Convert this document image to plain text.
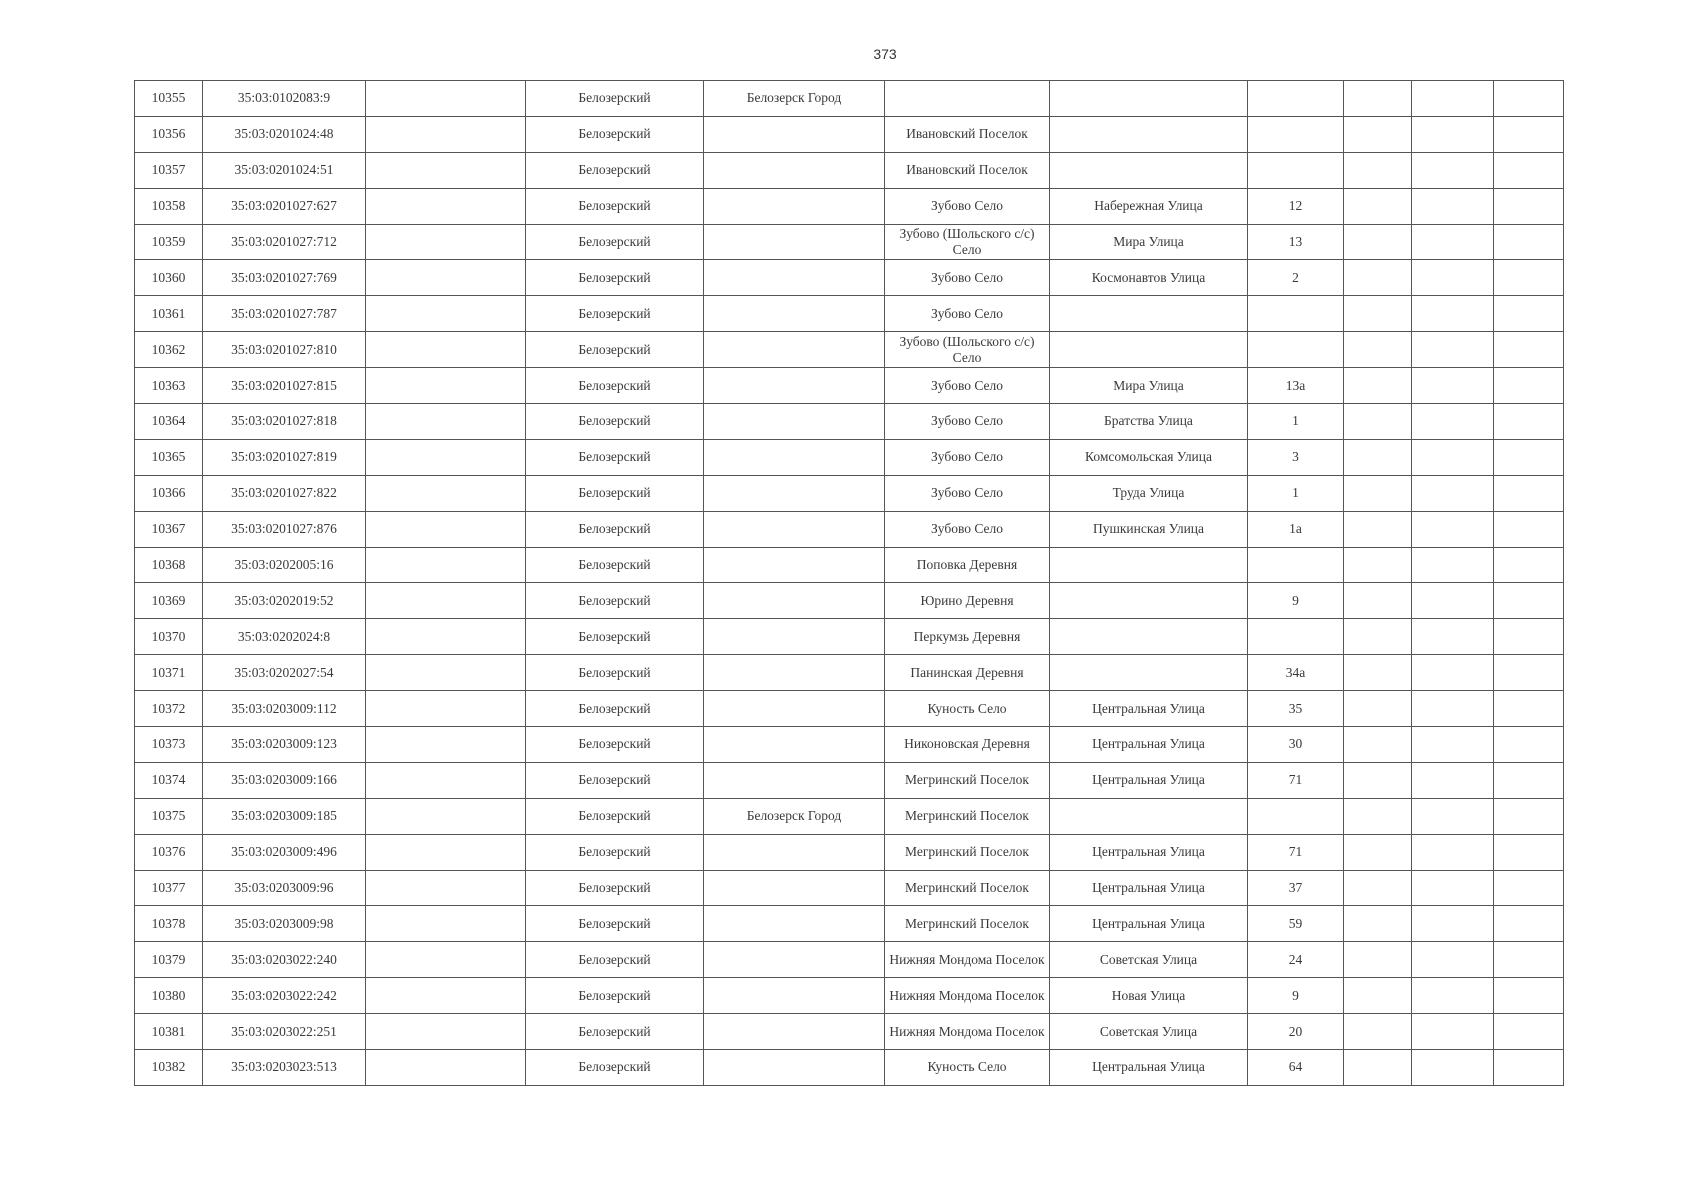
373
10355	35:03:0102083:9		Белозерский	Белозерск Город						
10356	35:03:0201024:48		Белозерский		Ивановский Поселок					
10357	35:03:0201024:51		Белозерский		Ивановский Поселок					
10358	35:03:0201027:627		Белозерский		Зубово Село	Набережная Улица	12			
10359	35:03:0201027:712		Белозерский		Зубово (Шольского с/с) Село	Мира Улица	13			
10360	35:03:0201027:769		Белозерский		Зубово Село	Космонавтов Улица	2			
10361	35:03:0201027:787		Белозерский		Зубово Село					
10362	35:03:0201027:810		Белозерский		Зубово (Шольского с/с) Село					
10363	35:03:0201027:815		Белозерский		Зубово Село	Мира Улица	13а			
10364	35:03:0201027:818		Белозерский		Зубово Село	Братства Улица	1			
10365	35:03:0201027:819		Белозерский		Зубово Село	Комсомольская Улица	3			
10366	35:03:0201027:822		Белозерский		Зубово Село	Труда Улица	1			
10367	35:03:0201027:876		Белозерский		Зубово Село	Пушкинская Улица	1а			
10368	35:03:0202005:16		Белозерский		Поповка Деревня					
10369	35:03:0202019:52		Белозерский		Юрино Деревня		9			
10370	35:03:0202024:8		Белозерский		Перкумзь Деревня					
10371	35:03:0202027:54		Белозерский		Панинская Деревня		34а			
10372	35:03:0203009:112		Белозерский		Куность Село	Центральная Улица	35			
10373	35:03:0203009:123		Белозерский		Никоновская Деревня	Центральная Улица	30			
10374	35:03:0203009:166		Белозерский		Мегринский Поселок	Центральная Улица	71			
10375	35:03:0203009:185		Белозерский	Белозерск Город	Мегринский Поселок					
10376	35:03:0203009:496		Белозерский		Мегринский Поселок	Центральная Улица	71			
10377	35:03:0203009:96		Белозерский		Мегринский Поселок	Центральная Улица	37			
10378	35:03:0203009:98		Белозерский		Мегринский Поселок	Центральная Улица	59			
10379	35:03:0203022:240		Белозерский		Нижняя Мондома Поселок	Советская Улица	24			
10380	35:03:0203022:242		Белозерский		Нижняя Мондома Поселок	Новая Улица	9			
10381	35:03:0203022:251		Белозерский		Нижняя Мондома Поселок	Советская Улица	20			
10382	35:03:0203023:513		Белозерский		Куность Село	Центральная Улица	64			
